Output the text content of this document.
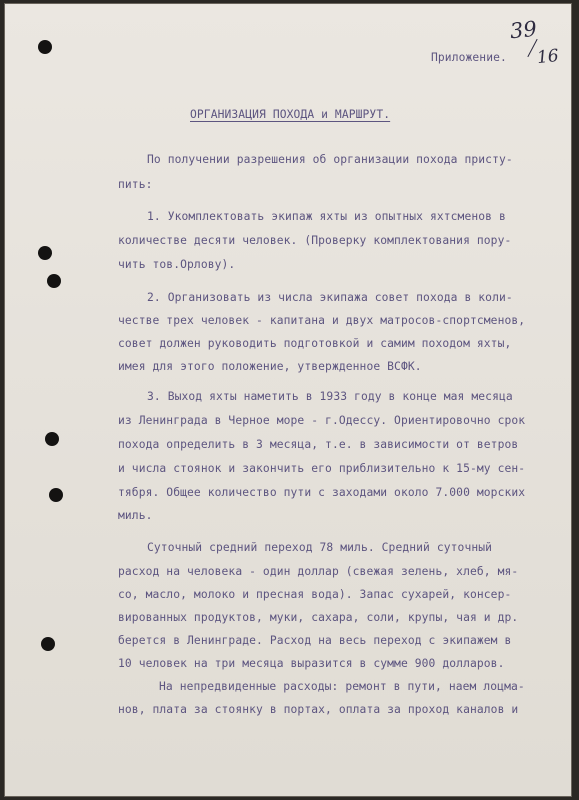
39
16
Приложение.
ОРГАНИЗАЦИЯ ПОХОДА и МАРШРУТ.
По получении разрешения об организации похода присту-
пить:
1. Укомплектовать экипаж яхты из опытных яхтсменов в
количестве десяти человек. (Проверку комплектования пору-
чить тов.Орлову).
2. Организовать из числа экипажа совет похода в коли-
честве трех человек - капитана и двух матросов-спортсменов,
совет должен руководить подготовкой и самим походом яхты,
имея для этого положение, утвержденное ВСФК.
3. Выход яхты наметить в 1933 году в конце мая месяца
из Ленинграда в Черное море - г.Одессу. Ориентировочно срок
похода определить в 3 месяца, т.е. в зависимости от ветров
и числа стоянок и закончить его приблизительно к 15-му сен-
тября. Общее количество пути с заходами около 7.000 морских
миль.
Суточный средний переход 78 миль. Средний суточный
расход на человека - один доллар (свежая зелень, хлеб, мя-
со, масло, молоко и пресная вода). Запас сухарей, консер-
вированных продуктов, муки, сахара, соли, крупы, чая и др.
берется в Ленинграде. Расход на весь переход с экипажем в
10 человек на три месяца выразится в сумме 900 долларов.
На непредвиденные расходы: ремонт в пути, наем лоцма-
нов, плата за стоянку в портах, оплата за проход каналов и
